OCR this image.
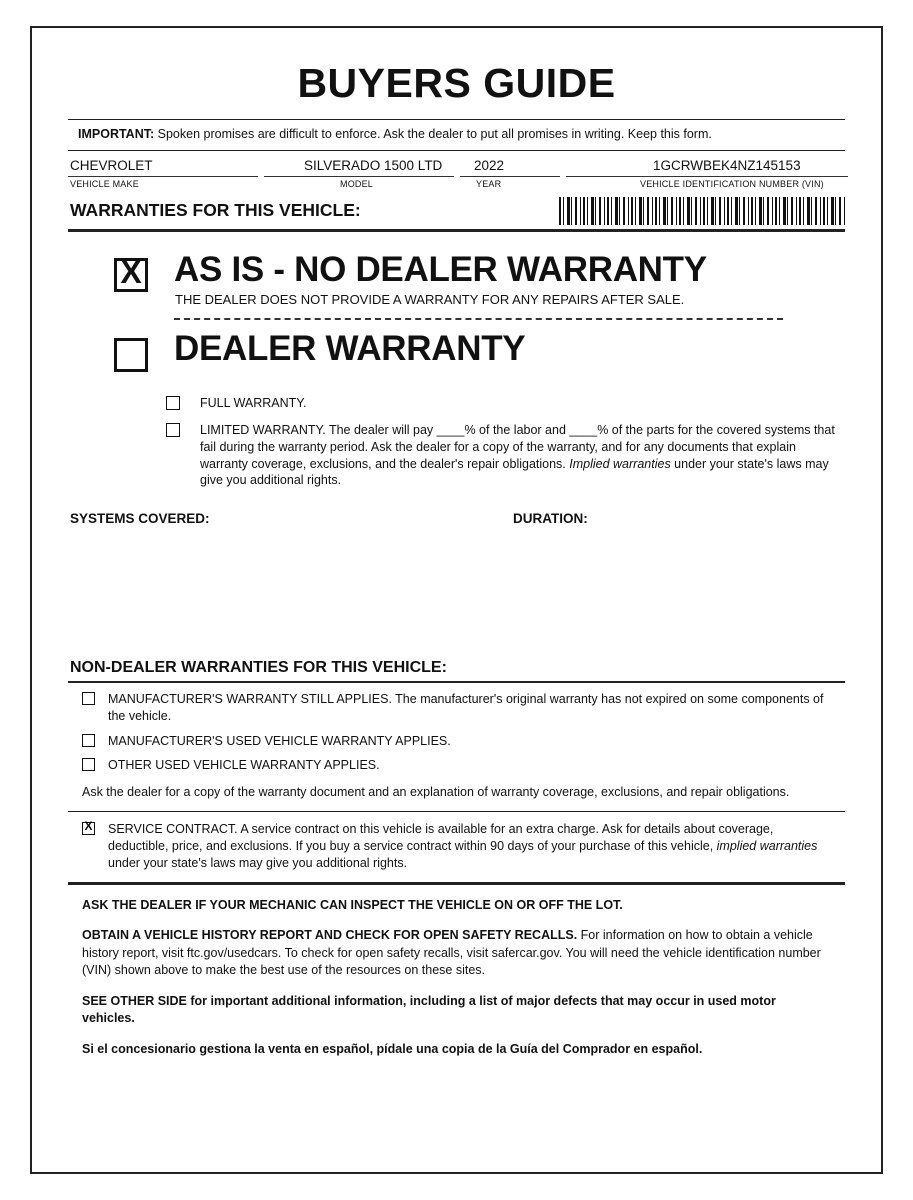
BUYERS GUIDE
IMPORTANT: Spoken promises are difficult to enforce. Ask the dealer to put all promises in writing. Keep this form.
CHEVROLET
VEHICLE MAKE
SILVERADO 1500 LTD
MODEL
2022
YEAR
1GCRWBEK4NZ145153
VEHICLE IDENTIFICATION NUMBER (VIN)
WARRANTIES FOR THIS VEHICLE:
X AS IS - NO DEALER WARRANTY
THE DEALER DOES NOT PROVIDE A WARRANTY FOR ANY REPAIRS AFTER SALE.
DEALER WARRANTY
FULL WARRANTY.
LIMITED WARRANTY. The dealer will pay ____% of the labor and ____% of the parts for the covered systems that fail during the warranty period. Ask the dealer for a copy of the warranty, and for any documents that explain warranty coverage, exclusions, and the dealer's repair obligations. Implied warranties under your state's laws may give you additional rights.
SYSTEMS COVERED:	DURATION:
NON-DEALER WARRANTIES FOR THIS VEHICLE:
MANUFACTURER'S WARRANTY STILL APPLIES. The manufacturer's original warranty has not expired on some components of the vehicle.
MANUFACTURER'S USED VEHICLE WARRANTY APPLIES.
OTHER USED VEHICLE WARRANTY APPLIES.
Ask the dealer for a copy of the warranty document and an explanation of warranty coverage, exclusions, and repair obligations.
X SERVICE CONTRACT. A service contract on this vehicle is available for an extra charge. Ask for details about coverage, deductible, price, and exclusions. If you buy a service contract within 90 days of your purchase of this vehicle, implied warranties under your state's laws may give you additional rights.

ASK THE DEALER IF YOUR MECHANIC CAN INSPECT THE VEHICLE ON OR OFF THE LOT.

OBTAIN A VEHICLE HISTORY REPORT AND CHECK FOR OPEN SAFETY RECALLS. For information on how to obtain a vehicle history report, visit ftc.gov/usedcars. To check for open safety recalls, visit safercar.gov. You will need the vehicle identification number (VIN) shown above to make the best use of the resources on these sites.

SEE OTHER SIDE for important additional information, including a list of major defects that may occur in used motor vehicles.

Si el concesionario gestiona la venta en español, pídale una copia de la Guía del Comprador en español.
